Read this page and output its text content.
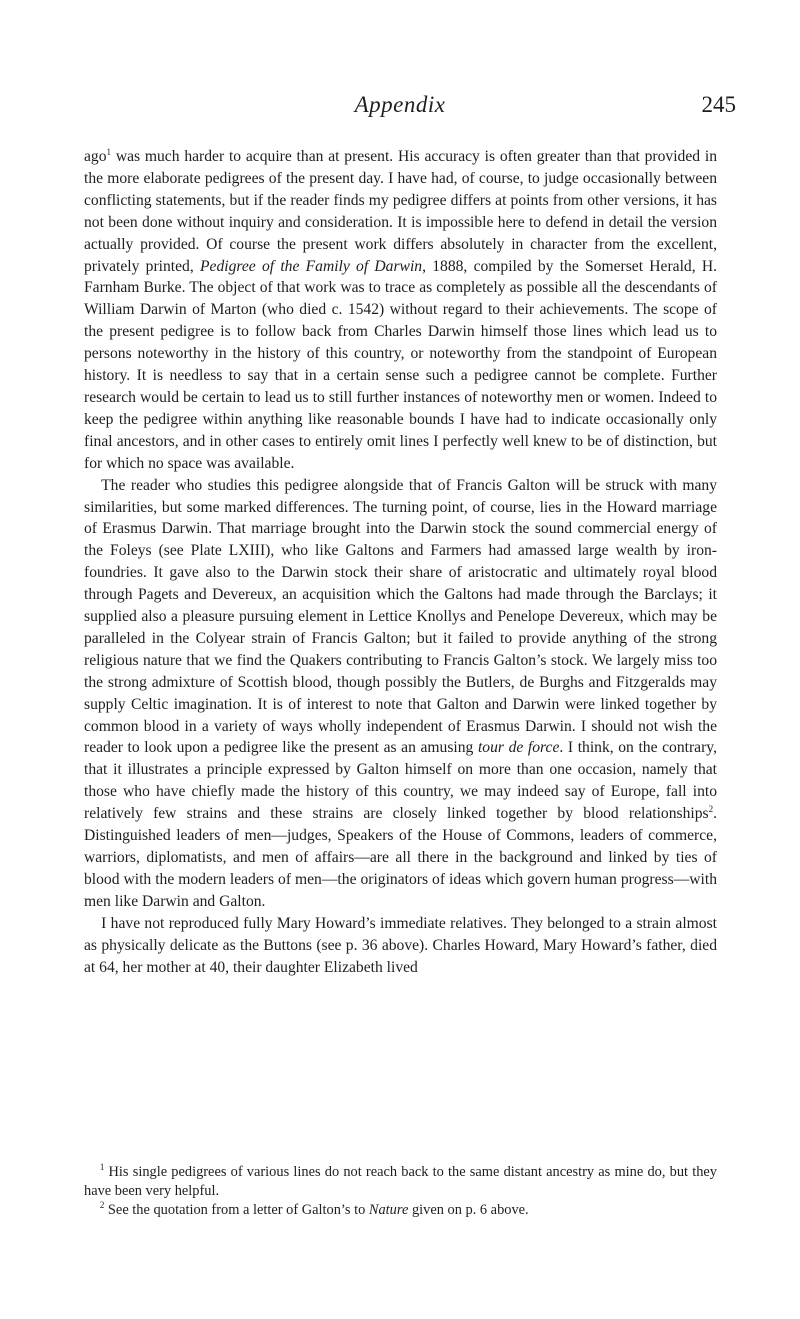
Appendix	245

ago$^1$ was much harder to acquire than at present. His accuracy is often greater than that provided in the more elaborate pedigrees of the present day. I have had, of course, to judge occasionally between conflicting statements, but if the reader finds my pedigree differs at points from other versions, it has not been done without inquiry and consideration. It is impossible here to defend in detail the version actually provided. Of course the present work differs absolutely in character from the excellent, privately printed, Pedigree of the Family of Darwin, 1888, compiled by the Somerset Herald, H. Farnham Burke. The object of that work was to trace as completely as possible all the descendants of William Darwin of Marton (who died c. 1542) without regard to their achievements. The scope of the present pedigree is to follow back from Charles Darwin himself those lines which lead us to persons noteworthy in the history of this country, or noteworthy from the standpoint of European history. It is needless to say that in a certain sense such a pedigree cannot be complete. Further research would be certain to lead us to still further instances of noteworthy men or women. Indeed to keep the pedigree within anything like reasonable bounds I have had to indicate occasionally only final ancestors, and in other cases to entirely omit lines I perfectly well knew to be of distinction, but for which no space was available.

The reader who studies this pedigree alongside that of Francis Galton will be struck with many similarities, but some marked differences. The turning point, of course, lies in the Howard marriage of Erasmus Darwin. That marriage brought into the Darwin stock the sound commercial energy of the Foleys (see Plate LXIII), who like Galtons and Farmers had amassed large wealth by iron-foundries. It gave also to the Darwin stock their share of aristocratic and ultimately royal blood through Pagets and Devereux, an acquisition which the Galtons had made through the Barclays; it supplied also a pleasure pursuing element in Lettice Knollys and Penelope Devereux, which may be paralleled in the Colyear strain of Francis Galton; but it failed to provide anything of the strong religious nature that we find the Quakers contributing to Francis Galton’s stock. We largely miss too the strong admixture of Scottish blood, though possibly the Butlers, de Burghs and Fitzgeralds may supply Celtic imagination. It is of interest to note that Galton and Darwin were linked together by common blood in a variety of ways wholly independent of Erasmus Darwin. I should not wish the reader to look upon a pedigree like the present as an amusing tour de force. I think, on the contrary, that it illustrates a principle expressed by Galton himself on more than one occasion, namely that those who have chiefly made the history of this country, we may indeed say of Europe, fall into relatively few strains and these strains are closely linked together by blood relationships$^2$. Distinguished leaders of men—judges, Speakers of the House of Commons, leaders of commerce, warriors, diplomatists, and men of affairs—are all there in the background and linked by ties of blood with the modern leaders of men—the originators of ideas which govern human progress—with men like Darwin and Galton.

I have not reproduced fully Mary Howard’s immediate relatives. They belonged to a strain almost as physically delicate as the Buttons (see p. 36 above). Charles Howard, Mary Howard’s father, died at 64, her mother at 40, their daughter Elizabeth lived

$^1$ His single pedigrees of various lines do not reach back to the same distant ancestry as mine do, but they have been very helpful.

$^2$ See the quotation from a letter of Galton’s to Nature given on p. 6 above.
